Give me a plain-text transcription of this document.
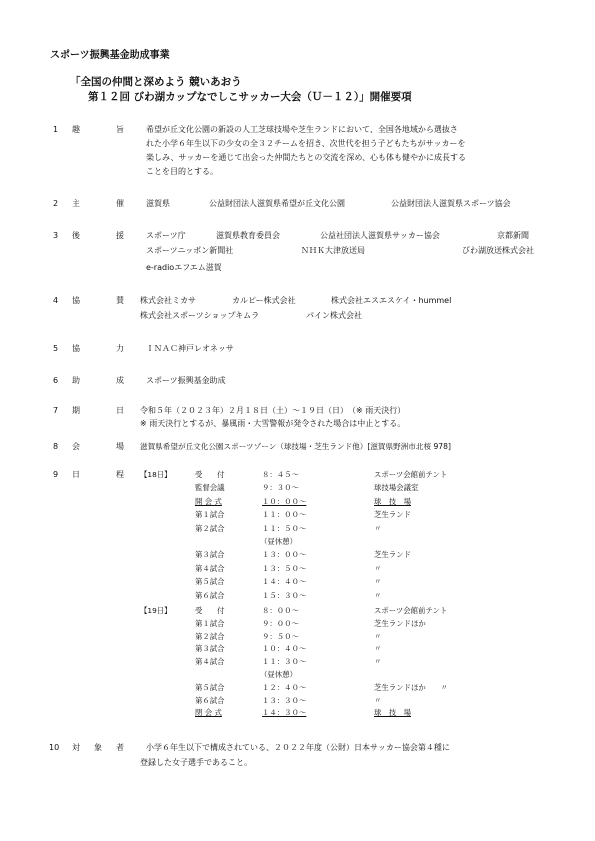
スポーツ振興基金助成事業
「全国の仲間と深めよう 競いあおう
第１２回 びわ湖カップなでしこサッカー大会（Ｕ－１２）」開催要項
1 趣	旨	希望が丘文化公園の新設の人工芝球技場や芝生ランドにおいて、全国各地域から選抜さ
れた小学６年生以下の少女の全３２チームを招き、次世代を担う子どもたちがサッカーを
楽しみ、サッカーを通じて出会った仲間たちとの交流を深め、心も体も健やかに成長する
ことを目的とする。
2 主	催	滋賀県	公益財団法人滋賀県希望が丘文化公園	公益財団法人滋賀県スポーツ協会
3 後	援	スポーツ庁	滋賀県教育委員会	公益社団法人滋賀県サッカー協会	京都新聞
スポーツニッポン新聞社	ＮＨＫ大津放送局	びわ湖放送株式会社
e-radioエフエム滋賀
4 協	賛 株式会社ミカサ	カルピー株式会社	株式会社エスエスケイ・hummel
株式会社スポーツショップキムラ	パイン株式会社
5 協	力	ＩＮＡＣ神戸レオネッサ
6 助	成	スポーツ振興基金助成
7 期	日 令和５年（２０２３年）２月１８日（土）～１９日（日）　（※ 雨天決行）
※ 雨天決行とするが、暴風雨・大雪警報が発令された場合は中止とする。
8 会	場 滋賀県希望が丘文化公園スポーツゾーン（球技場・芝生ランド他）[滋賀県野洲市北桜 978]
9 日	程 【18日】	受　　付	８：４５～	スポーツ会館前テント
監督会議	９：３０～	球技場会議室
開 会 式	１０：００～	球　技　場
第１試合	１１：００～	芝生ランド
第２試合	１１：５０～	〃
（昼休憩）
第３試合	１３：００～	芝生ランド
第４試合	１３：５０～	〃
第５試合	１４：４０～	〃
第６試合	１５：３０～	〃
【19日】	受　　付	８：００～	スポーツ会館前テント
第１試合	９：００～	芝生ランドほか
第２試合	９：５０～	〃
第３試合	１０：４０～	〃
第４試合	１１：３０～	〃
（昼休憩）
第５試合	１２：４０～	芝生ランドほか　　〃
第６試合	１３：３０～	〃
閉 会 式	１４：３０～	球　技　場
10 対 象 者	小学６年生以下で構成されている、２０２２年度（公財）日本サッカー協会第４種に
登録した女子選手であること。
